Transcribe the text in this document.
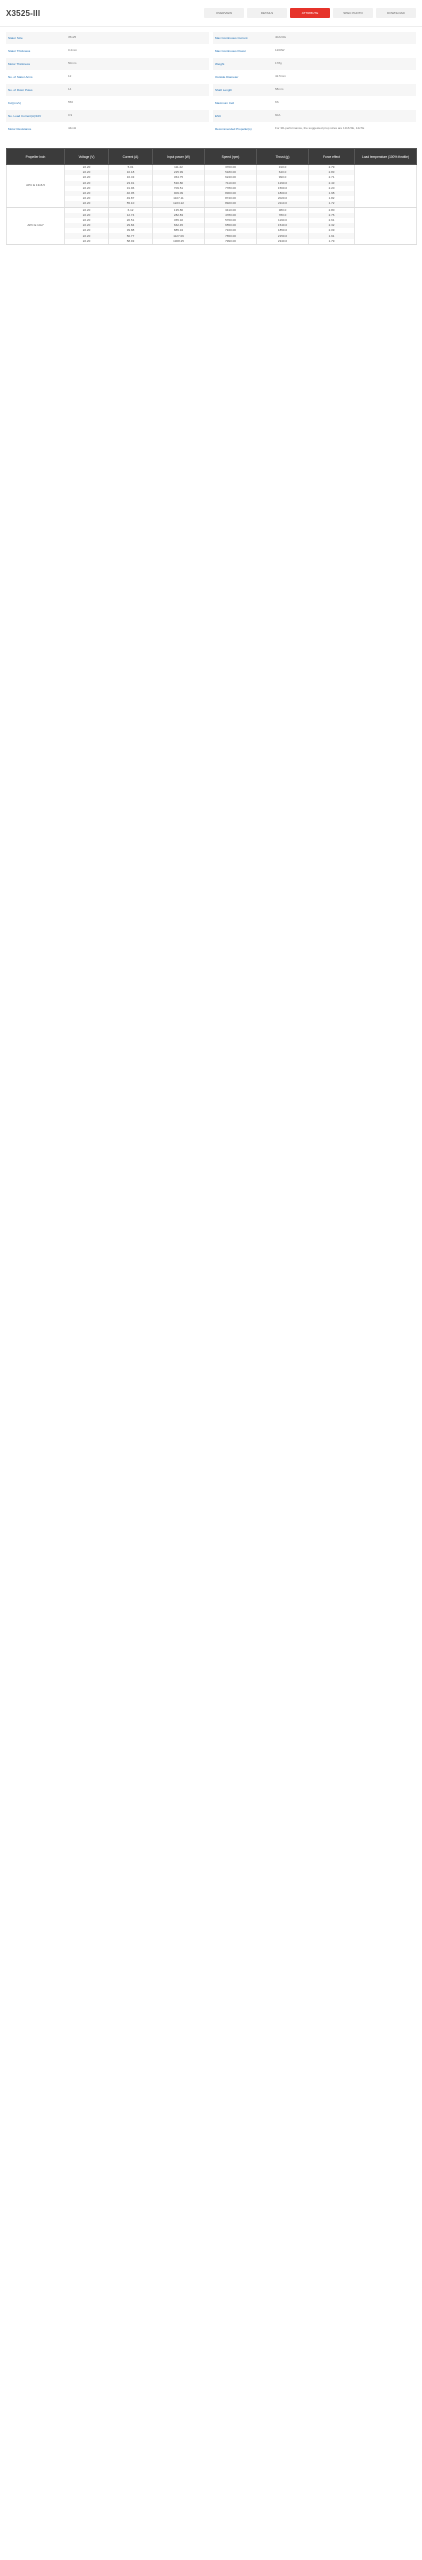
X3525-III	OVERVIEW	DETAILS	ATTRIBUTE	SPEC PHOTO	DOWNLOAD
Stator Size	35x25
Stator Thickness	0.2mm
Motor Thickness	50mm
No. of Stator Arms	12
No. of Rotor Poles	14
Kv(rpm/v)	550
No. Load Current(A)/10V	0.9
Motor Resistance	44mΩ
Max Continuous Current	40A/30s
Max Continuous Power	1200W
Weight	178g
Outside Diameter	42.5mm
Shaft Length	58mm
Maximum Cell	6S
ESC	60A
Recommended Propeller(s)	For 3D-performance, the suggested prop sizes are 13x6.5E, 14x7E
Propeller Inch	Voltage (V)	Current (A)	Input power (W)	Speed (rpm)	Thrust (g)	Force effect	Load temperature (100% throttle)
APC E 13x6.5	22.20	5.01	111.22	3700.00	310.0	2.79	
	22.20	10.18	225.99	5180.00	640.0	2.83	
	22.20	16.43	364.75	6240.00	990.0	2.71	
	22.20	23.91	530.80	7110.00	1290.0	2.43	
	22.20	31.96	709.51	7780.00	1560.0	2.20	
	22.20	40.95	909.09	8300.00	1800.0	1.98	
	22.20	49.87	1107.11	8740.00	2020.0	1.82	
	22.20	55.10	1223.22	8920.00	2110.0	1.72	
APC E 14x7	22.20	6.12	135.86	3410.00	380.0	2.80	
	22.20	12.74	282.83	4780.00	780.0	2.76	
	22.20	20.51	455.32	5760.00	1190.0	2.61	
	22.20	29.84	662.45	6550.00	1540.0	2.32	
	22.20	39.88	885.34	7160.00	1850.0	2.09	
	22.20	50.77	1127.09	7650.00	2150.0	1.91	
	22.20	58.93	1308.25	7990.00	2340.0	1.79	
